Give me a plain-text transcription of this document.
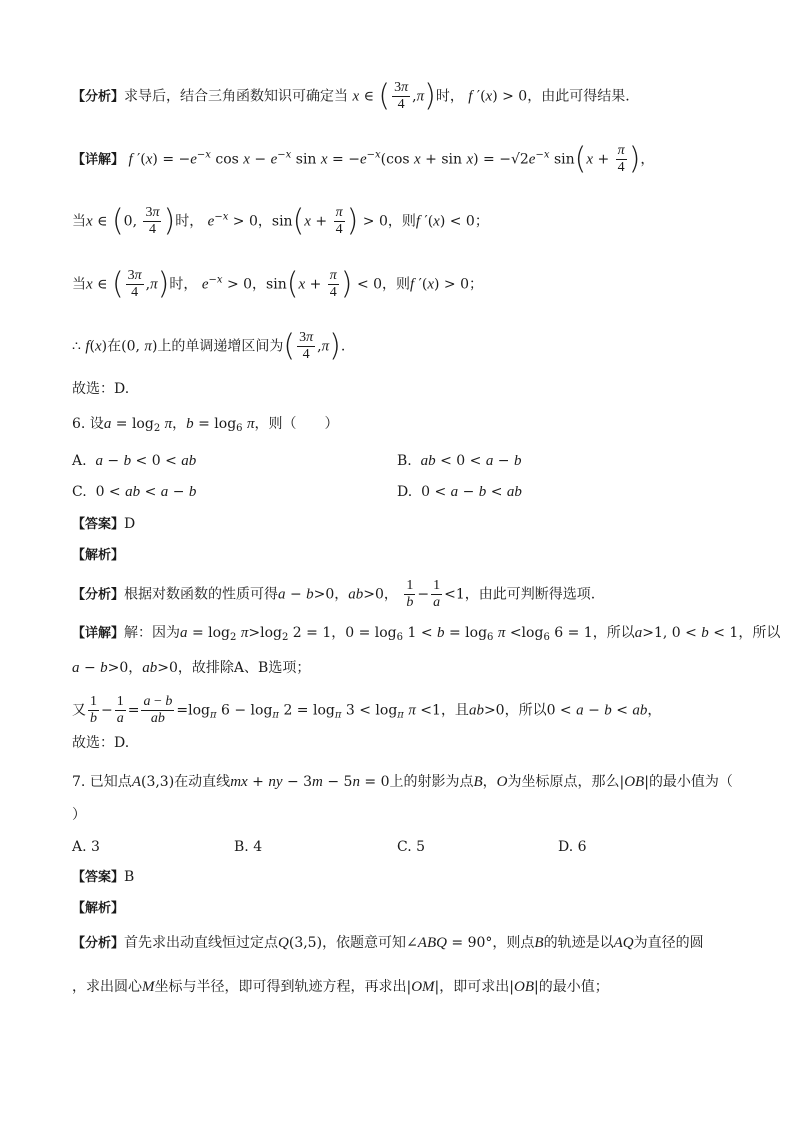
【分析】求导后，结合三角函数知识可确定当 x ∈ ( $\frac{3\pi}{4} ,\pi$)时， f ′(x) > 0，由此可得结果.
【详解】 f $'(x) = -e^{-x}$ $\cos x - e^{-x}$ $\sin x = -e^{-x}(\cos$ $x + \sin x) = -√2e^{-x}$ $\sin(x + \frac{\pi}{4}$ )，
当x ∈ (0, $\frac{3\pi}{4}$ )时， $e^{-x} > 0$，$\sin(x + \frac{\pi}{4}$ ) > 0，则f ′(x) < 0；
当x ∈ ( $\frac{3\pi}{4} ,\pi$)时， $e^{-x} > 0$，$\sin(x + \frac{\pi}{4}$ ) < 0，则f ′(x) > 0；
∴ f(x)在(0, π)上的单调递增区间为( $\frac{3\pi}{4} ,\pi$).
故选：D.
6. 设$a = \log_2 \pi$，$b = \log_6 \pi$，则（　　）
A. a − b < 0 < ab	B. ab < 0 < a − b
C.  0 < ab < a − b	D.  0 < a − b < ab
【答案】D
【解析】
【分析】根据对数函数的性质可得a − b>0，ab>0， $\frac{1}{b} - \frac{1}{a} <1$，由此可判断得选项.
【详解】解：因为$a = \log_2 \pi>\log_2$ 2 = 1，$0 = \log_6 1 < b = \log_6 \pi <\log_6$ 6 = 1，所以a>1, 0 < b < 1，所以
a − b>0，ab>0，故排除A、B选项；
又 $\frac{1}{b} - \frac{1}{a} = \frac{a - b}{ab} =\log_\pi$ $6 - \log_\pi 2 = \log_\pi 3 < \log_\pi \pi <1$，且ab>0，所以0 < a − b < ab，
故选：D.
7. 已知点A(3,3)在动直线mx + ny − 3m − 5n = 0上的射影为点B，O为坐标原点，那么|OB|的最小值为（
）
A. 3	B. 4	C. 5	D. 6
【答案】B
【解析】
【分析】首先求出动直线恒过定点Q(3,5)，依题意可知∠ABQ = 90°，则点B的轨迹是以AQ为直径的圆
，求出圆心M坐标与半径，即可得到轨迹方程，再求出|OM|，即可求出|OB|的最小值；
